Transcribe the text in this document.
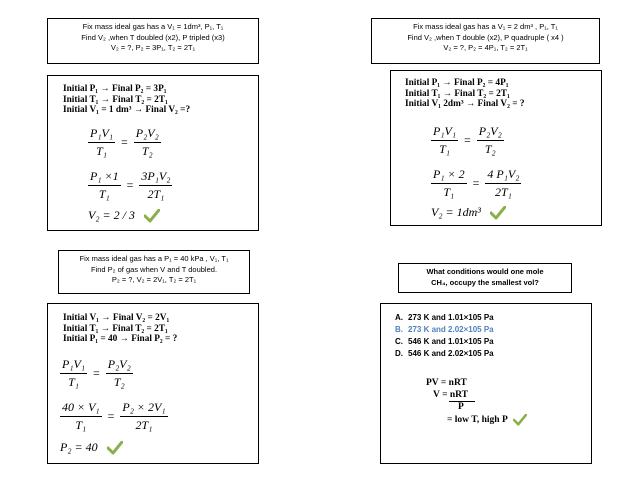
Fix mass ideal gas has a V₁ = 1dm³, P₁, T₁
Find V₂ ,when T doubled (x2), P tripled (x3)
V₂ = ?, P₂ = 3P₁, T₂ = 2T₁
Initial P₁ → Final P₂ = 3P₁
Initial T₁ → Final T₂ = 2T₁
Initial V₁ = 1 dm³ → Final V₂ =?
$\frac{\text{P₁V₁}}{\text{T₁}} = \frac{\text{P₂V₂}}{\text{T₂}}$
$\frac{\text{P₁ ×1}}{\text{T₁}} = \frac{\text{3P₁V₂}}{\text{2T₁}}$
V₂ = 2 / 3
Fix mass ideal gas has a V₁ = 2 dm³ , P₁, T₁
Find V₂ ,when T double (x2), P quadruple ( x4 )
V₂ = ?, P₂ = 4P₁, T₂ = 2T₁
Initial P₁ → Final P₂ = 4P₁
Initial T₁ → Final T₂ = 2T₁
Initial V₁ 2dm³ → Final V₂ = ?
$\frac{\text{P₁V₁}}{\text{T₁}} = \frac{\text{P₂V₂}}{\text{T₂}}$
$\frac{\text{P₁ × 2}}{\text{T₁}} = \frac{\text{4 P₁V₂}}{\text{2T₁}}$
V₂ = 1dm³
Fix mass ideal gas has a P₁ = 40 kPa , V₁, T₁
Find P₂ of gas when V and T doubled.
P₂ = ?, V₂ = 2V₁, T₂ = 2T₁
Initial V₁ → Final V₂ = 2V₁
Initial T₁ → Final T₂ = 2T₁
Initial P₁ = 40 → Final P₂ = ?
$\frac{\text{P₁V₁}}{\text{T₁}} = \frac{\text{P₂V₂}}{\text{T₂}}$
$\frac{\text{40 × V₁}}{\text{T₁}} = \frac{\text{P₂ × 2V₁}}{\text{2T₁}}$
P₂ = 40
What conditions would one mole
CH₄, occupy the smallest vol?
A. 273 K and 1.01×105 Pa
B. 273 K and 2.02×105 Pa
C. 546 K and 1.01×105 Pa
D. 546 K and 2.02×105 Pa
PV = nRT
V = nRT
P
= low T, high P
